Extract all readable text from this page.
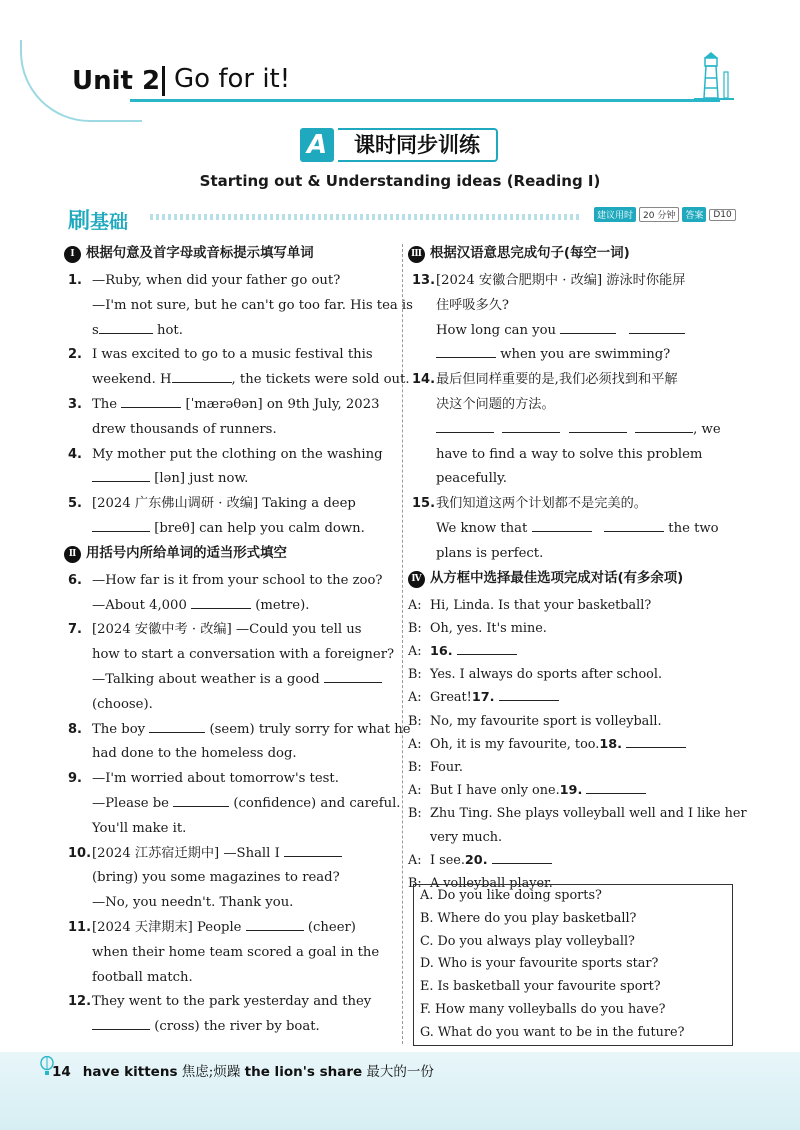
Unit 2 Go for it!
A	课时同步训练
Starting out & Understanding ideas (Reading Ⅰ)
刷基础	建议用时	20 分钟	答案	D10
Ⅰ 根据句意及首字母或音标提示填写单词
1. —Ruby, when did your father go out?
—I'm not sure, but he can't go too far. His tea is
s	hot.
2. I was excited to go to a music festival this
weekend. H	, the tickets were sold out.
3. The	[ˈmærəθən] on 9th July, 2023
drew thousands of runners.
4. My mother put the clothing on the washing
[lən] just now.
5. [2024 广东佛山调研 · 改编] Taking a deep
[breθ] can help you calm down.
Ⅱ 用括号内所给单词的适当形式填空
6. —How far is it from your school to the zoo?
—About 4,000	(metre).
7. [2024 安徽中考 · 改编] —Could you tell us
how to start a conversation with a foreigner?
—Talking about weather is a good
(choose).
8. The boy	(seem) truly sorry for what he
had done to the homeless dog.
9. —I'm worried about tomorrow's test.
—Please be	(confidence) and careful.
You'll make it.
10. [2024 江苏宿迁期中] —Shall I
(bring) you some magazines to read?
—No, you needn't. Thank you.
11. [2024 天津期末] People	(cheer)
when their home team scored a goal in the
football match.
12. They went to the park yesterday and they
(cross) the river by boat.
Ⅲ 根据汉语意思完成句子(每空一词)
13. [2024 安徽合肥期中 · 改编] 游泳时你能屏
住呼吸多久?
How long can you
when you are swimming?
14. 最后但同样重要的是,我们必须找到和平解
决这个问题的方法。
, we
have to find a way to solve this problem
peacefully.
15. 我们知道这两个计划都不是完美的。
We know that	the two
plans is perfect.
Ⅳ 从方框中选择最佳选项完成对话(有多余项)
A: Hi, Linda. Is that your basketball?
B: Oh, yes. It's mine.
A: 16.

B: Yes. I always do sports after school.
A: Great! 17.

B: No, my favourite sport is volleyball.
A: Oh, it is my favourite, too. 18.

B: Four.
A: But I have only one. 19.

B: Zhu Ting. She plays volleyball well and I like her
very much.
A: I see. 20.

B: A volleyball player.
A. Do you like doing sports?
B. Where do you play basketball?
C. Do you always play volleyball?
D. Who is your favourite sports star?
E. Is basketball your favourite sport?
F. How many volleyballs do you have?
G. What do you want to be in the future?
14 have kittens 焦虑;烦躁 the lion's share 最大的一份
